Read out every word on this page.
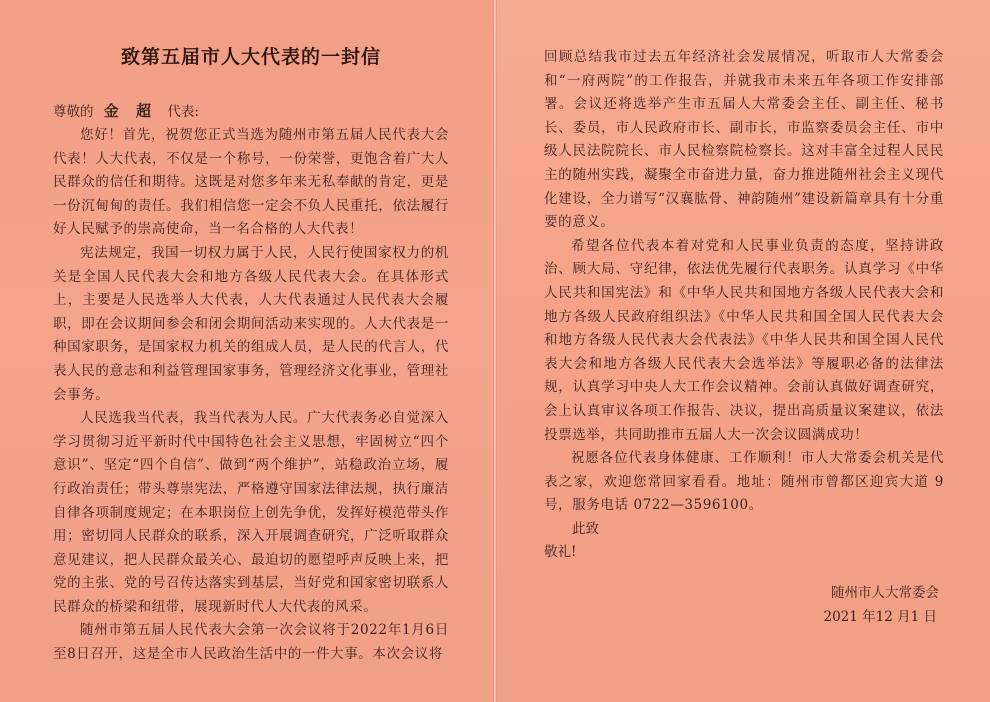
致第五届市人大代表的一封信

尊敬的 金 超 代表:

您好！首先，祝贺您正式当选为随州市第五届人民代表大会代表！人大代表，不仅是一个称号，一份荣誉，更饱含着广大人民群众的信任和期待。这既是对您多年来无私奉献的肯定，更是一份沉甸甸的责任。我们相信您一定会不负人民重托，依法履行好人民赋予的崇高使命，当一名合格的人大代表！

宪法规定，我国一切权力属于人民，人民行使国家权力的机关是全国人民代表大会和地方各级人民代表大会。在具体形式上，主要是人民选举人大代表，人大代表通过人民代表大会履职，即在会议期间参会和闭会期间活动来实现的。人大代表是一种国家职务，是国家权力机关的组成人员，是人民的代言人，代表人民的意志和利益管理国家事务，管理经济文化事业，管理社会事务。

人民选我当代表，我当代表为人民。广大代表务必自觉深入学习贯彻习近平新时代中国特色社会主义思想，牢固树立“四个意识”、坚定“四个自信”、做到“两个维护”，站稳政治立场，履行政治责任；带头尊崇宪法，严格遵守国家法律法规，执行廉洁自律各项制度规定；在本职岗位上创先争优，发挥好模范带头作用；密切同人民群众的联系，深入开展调查研究，广泛听取群众意见建议，把人民群众最关心、最迫切的愿望呼声反映上来，把党的主张、党的号召传达落实到基层，当好党和国家密切联系人民群众的桥梁和纽带，展现新时代人大代表的风采。

随州市第五届人民代表大会第一次会议将于2022年1月6日至8日召开，这是全市人民政治生活中的一件大事。本次会议将

回顾总结我市过去五年经济社会发展情况，听取市人大常委会和“一府两院”的工作报告，并就我市未来五年各项工作安排部署。会议还将选举产生市五届人大常委会主任、副主任、秘书长、委员，市人民政府市长、副市长，市监察委员会主任、市中级人民法院院长、市人民检察院检察长。这对丰富全过程人民民主的随州实践，凝聚全市奋进力量，奋力推进随州社会主义现代化建设，全力谱写“汉襄肱骨、神韵随州”建设新篇章具有十分重要的意义。

希望各位代表本着对党和人民事业负责的态度，坚持讲政治、顾大局、守纪律，依法优先履行代表职务。认真学习《中华人民共和国宪法》和《中华人民共和国地方各级人民代表大会和地方各级人民政府组织法》《中华人民共和国全国人民代表大会和地方各级人民代表大会代表法》《中华人民共和国全国人民代表大会和地方各级人民代表大会选举法》等履职必备的法律法规，认真学习中央人大工作会议精神。会前认真做好调查研究，会上认真审议各项工作报告、决议，提出高质量议案建议，依法投票选举，共同助推市五届人大一次会议圆满成功！

祝愿各位代表身体健康、工作顺利！市人大常委会机关是代表之家，欢迎您常回家看看。地址：随州市曾都区迎宾大道 9号，服务电话 0722—3596100。

此致

敬礼!

随州市人大常委会

2021 年12 月1 日
